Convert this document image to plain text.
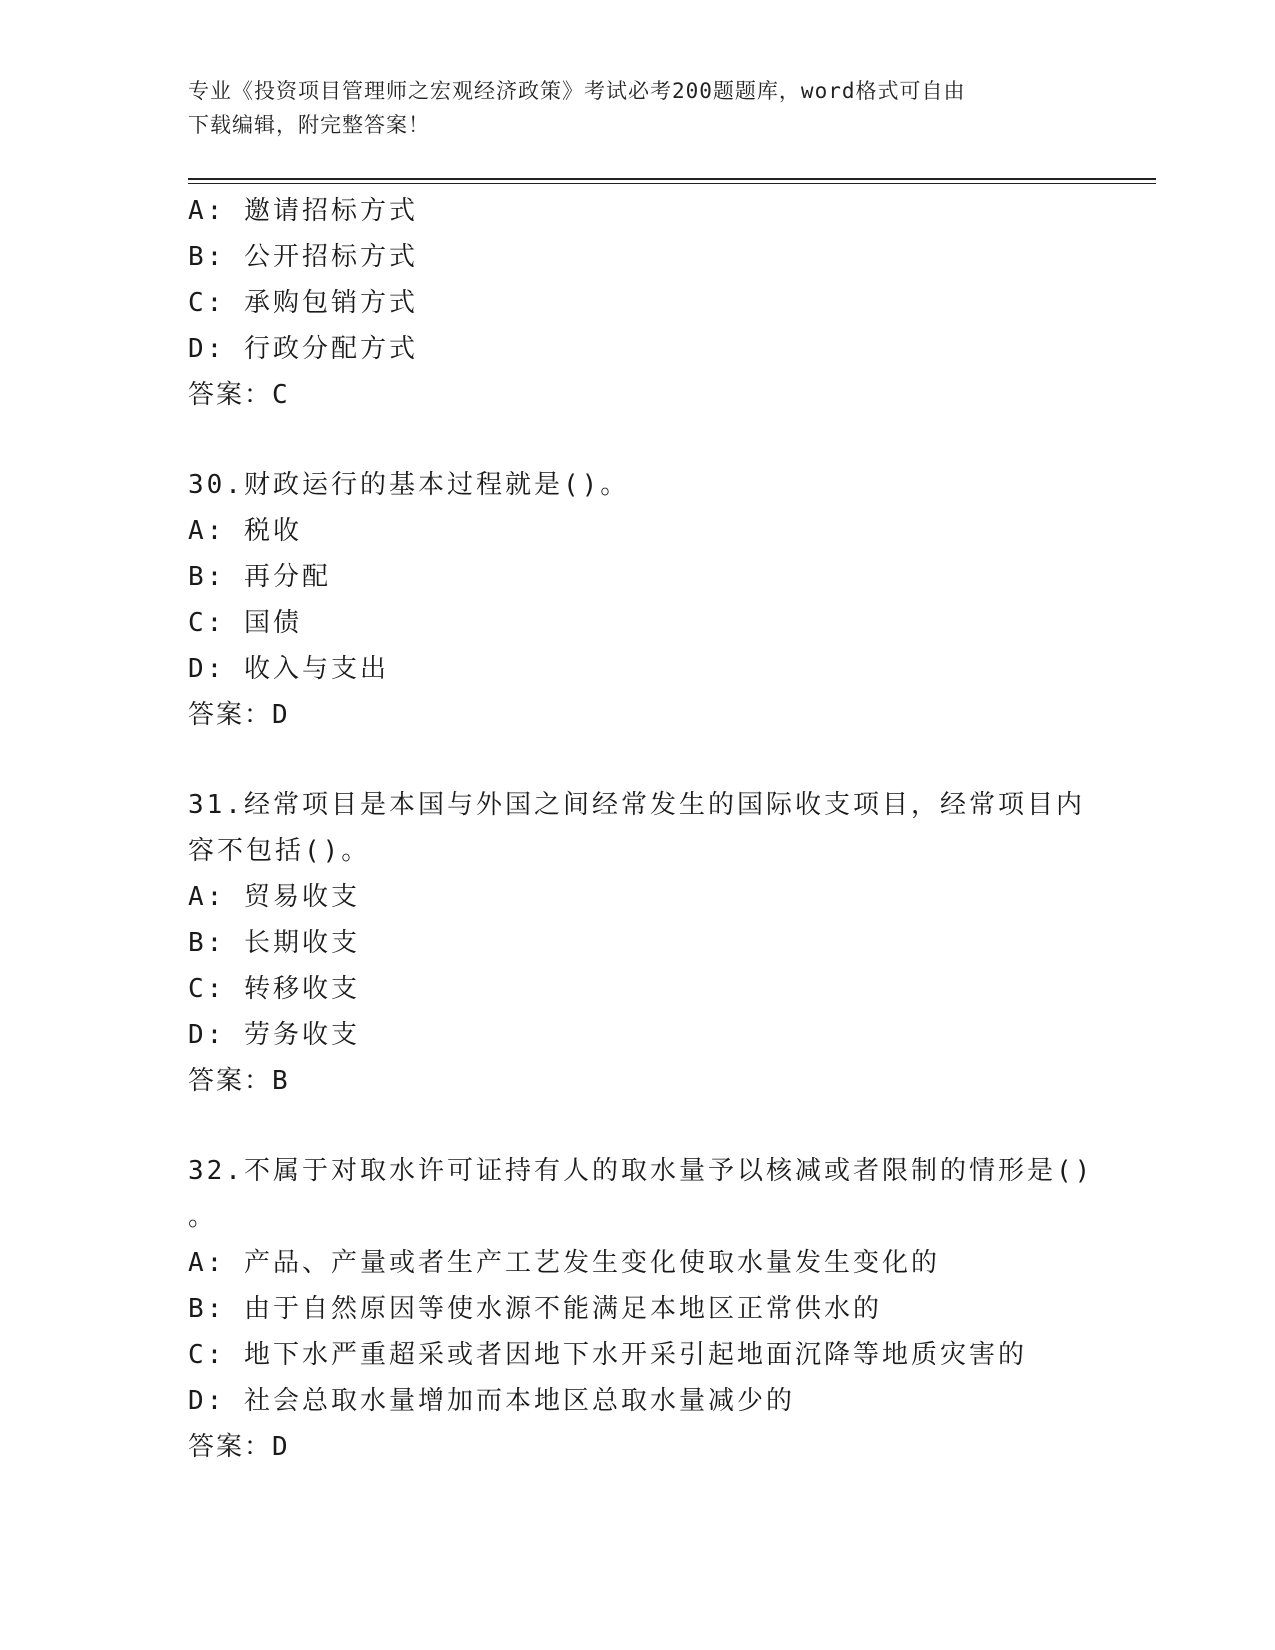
专业《投资项目管理师之宏观经济政策》考试必考200题题库，word格式可自由
下载编辑，附完整答案！
A: 邀请招标方式
B: 公开招标方式
C: 承购包销方式
D: 行政分配方式
答案：C
30.财政运行的基本过程就是()。
A: 税收
B: 再分配
C: 国债
D: 收入与支出
答案：D
31.经常项目是本国与外国之间经常发生的国际收支项目，经常项目内
容不包括()。
A: 贸易收支
B: 长期收支
C: 转移收支
D: 劳务收支
答案：B
32.不属于对取水许可证持有人的取水量予以核减或者限制的情形是()
。
A: 产品、产量或者生产工艺发生变化使取水量发生变化的
B: 由于自然原因等使水源不能满足本地区正常供水的
C: 地下水严重超采或者因地下水开采引起地面沉降等地质灾害的
D: 社会总取水量增加而本地区总取水量减少的
答案：D
